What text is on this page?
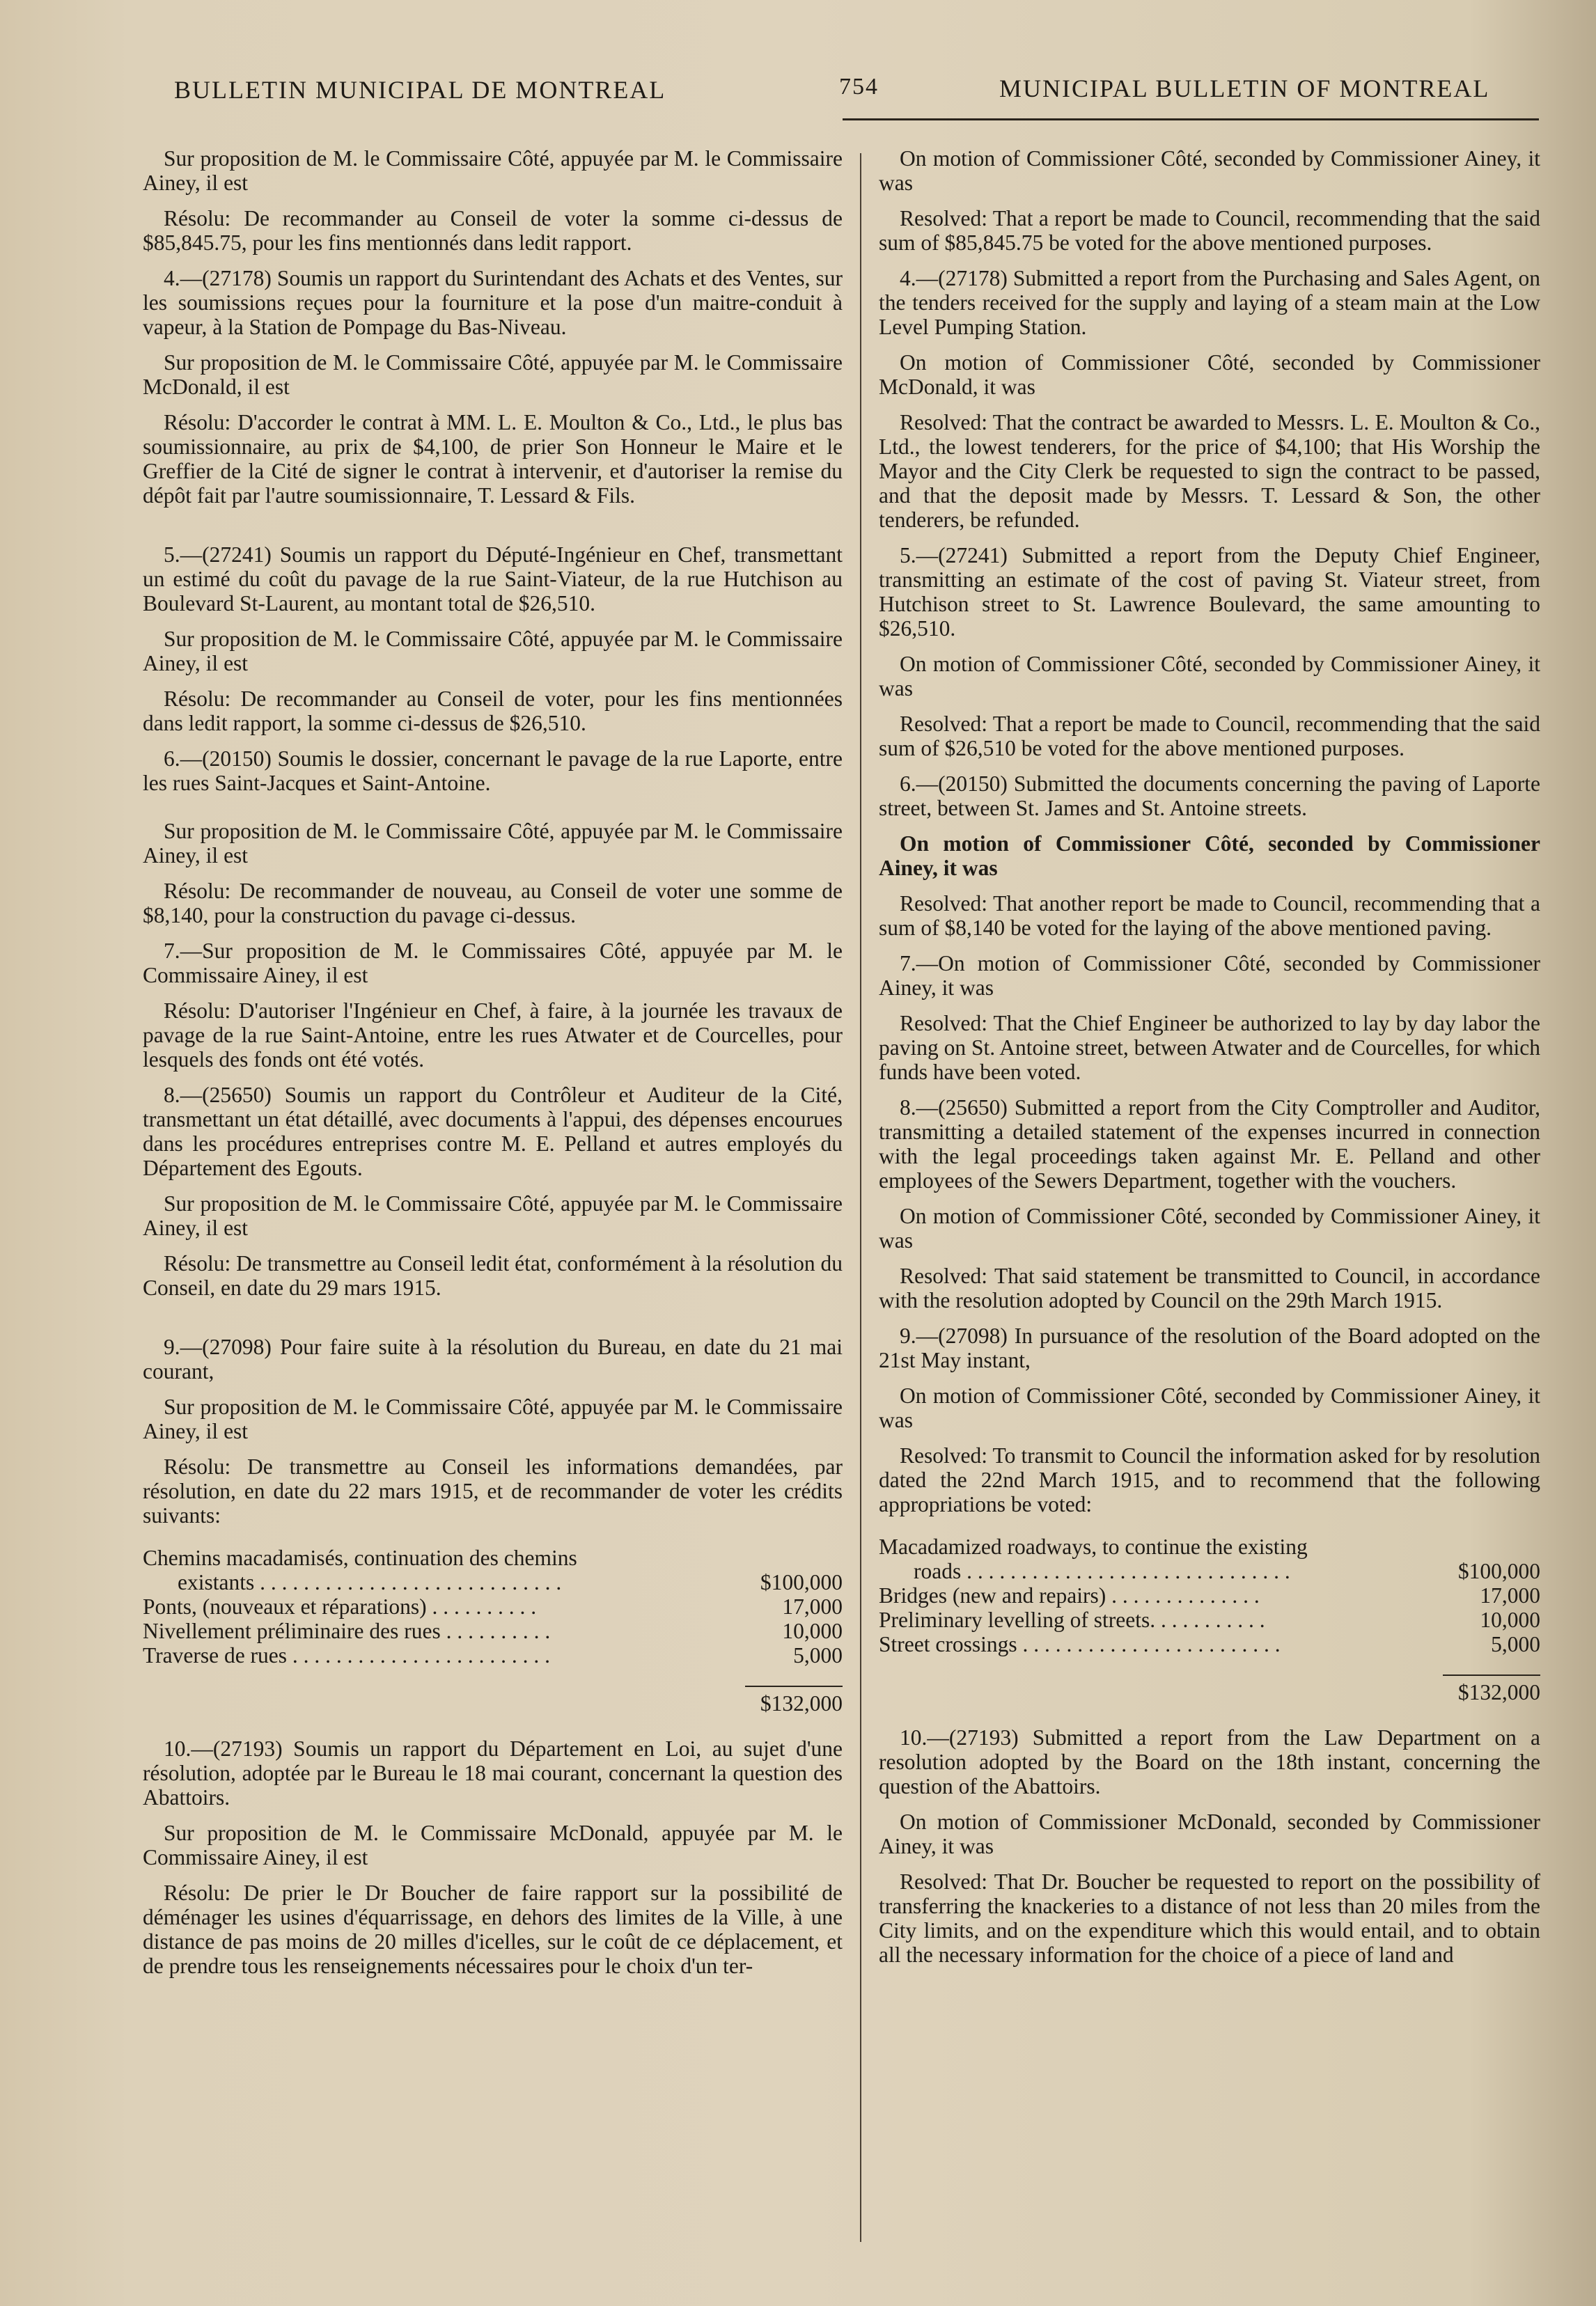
BULLETIN MUNICIPAL DE MONTREAL	754	MUNICIPAL BULLETIN OF MONTREAL

Sur proposition de M. le Commissaire Côté, appuyée par M. le Commissaire Ainey, il est

Résolu: De recommander au Conseil de voter la somme ci-dessus de $85,845.75, pour les fins mentionnés dans ledit rapport.

4.—(27178) Soumis un rapport du Surintendant des Achats et des Ventes, sur les soumissions reçues pour la fourniture et la pose d'un maitre-conduit à vapeur, à la Station de Pompage du Bas-Niveau.

Sur proposition de M. le Commissaire Côté, appuyée par M. le Commissaire McDonald, il est

Résolu: D'accorder le contrat à MM. L. E. Moulton & Co., Ltd., le plus bas soumissionnaire, au prix de $4,100, de prier Son Honneur le Maire et le Greffier de la Cité de signer le contrat à intervenir, et d'autoriser la remise du dépôt fait par l'autre soumissionnaire, T. Lessard & Fils.

5.—(27241) Soumis un rapport du Député-Ingénieur en Chef, transmettant un estimé du coût du pavage de la rue Saint-Viateur, de la rue Hutchison au Boulevard St-Laurent, au montant total de $26,510.

Sur proposition de M. le Commissaire Côté, appuyée par M. le Commissaire Ainey, il est

Résolu: De recommander au Conseil de voter, pour les fins mentionnées dans ledit rapport, la somme ci-dessus de $26,510.

6.—(20150) Soumis le dossier, concernant le pavage de la rue Laporte, entre les rues Saint-Jacques et Saint-Antoine.

Sur proposition de M. le Commissaire Côté, appuyée par M. le Commissaire Ainey, il est

Résolu: De recommander de nouveau, au Conseil de voter une somme de $8,140, pour la construction du pavage ci-dessus.

7.—Sur proposition de M. le Commissaires Côté, appuyée par M. le Commissaire Ainey, il est

Résolu: D'autoriser l'Ingénieur en Chef, à faire, à la journée les travaux de pavage de la rue Saint-Antoine, entre les rues Atwater et de Courcelles, pour lesquels des fonds ont été votés.

8.—(25650) Soumis un rapport du Contrôleur et Auditeur de la Cité, transmettant un état détaillé, avec documents à l'appui, des dépenses encourues dans les procédures entreprises contre M. E. Pelland et autres employés du Département des Egouts.

Sur proposition de M. le Commissaire Côté, appuyée par M. le Commissaire Ainey, il est

Résolu: De transmettre au Conseil ledit état, conformément à la résolution du Conseil, en date du 29 mars 1915.

9.—(27098) Pour faire suite à la résolution du Bureau, en date du 21 mai courant,

Sur proposition de M. le Commissaire Côté, appuyée par M. le Commissaire Ainey, il est

Résolu: De transmettre au Conseil les informations demandées, par résolution, en date du 22 mars 1915, et de recommander de voter les crédits suivants:

Chemins macadamisés, continuation des chemins
existants . . . . . . . . . . . . . . . . . . . . . . . . . . . .	$100,000
Ponts, (nouveaux et réparations) . . . . . . . . . .	17,000
Nivellement préliminaire des rues . . . . . . . . . .	10,000
Traverse de rues . . . . . . . . . . . . . . . . . . . . . . . .	5,000
$132,000

10.—(27193) Soumis un rapport du Département en Loi, au sujet d'une résolution, adoptée par le Bureau le 18 mai courant, concernant la question des Abattoirs.

Sur proposition de M. le Commissaire McDonald, appuyée par M. le Commissaire Ainey, il est

Résolu: De prier le Dr Boucher de faire rapport sur la possibilité de déménager les usines d'équarrissage, en dehors des limites de la Ville, à une distance de pas moins de 20 milles d'icelles, sur le coût de ce déplacement, et de prendre tous les renseignements nécessaires pour le choix d'un ter-

On motion of Commissioner Côté, seconded by Commissioner Ainey, it was

Resolved: That a report be made to Council, recommending that the said sum of $85,845.75 be voted for the above mentioned purposes.

4.—(27178) Submitted a report from the Purchasing and Sales Agent, on the tenders received for the supply and laying of a steam main at the Low Level Pumping Station.

On motion of Commissioner Côté, seconded by Commissioner McDonald, it was

Resolved: That the contract be awarded to Messrs. L. E. Moulton & Co., Ltd., the lowest tenderers, for the price of $4,100; that His Worship the Mayor and the City Clerk be requested to sign the contract to be passed, and that the deposit made by Messrs. T. Lessard & Son, the other tenderers, be refunded.

5.—(27241) Submitted a report from the Deputy Chief Engineer, transmitting an estimate of the cost of paving St. Viateur street, from Hutchison street to St. Lawrence Boulevard, the same amounting to $26,510.

On motion of Commissioner Côté, seconded by Commissioner Ainey, it was

Resolved: That a report be made to Council, recommending that the said sum of $26,510 be voted for the above mentioned purposes.

6.—(20150) Submitted the documents concerning the paving of Laporte street, between St. James and St. Antoine streets.

On motion of Commissioner Côté, seconded by Commissioner Ainey, it was

Resolved: That another report be made to Council, recommending that a sum of $8,140 be voted for the laying of the above mentioned paving.

7.—On motion of Commissioner Côté, seconded by Commissioner Ainey, it was

Resolved: That the Chief Engineer be authorized to lay by day labor the paving on St. Antoine street, between Atwater and de Courcelles, for which funds have been voted.

8.—(25650) Submitted a report from the City Comptroller and Auditor, transmitting a detailed statement of the expenses incurred in connection with the legal proceedings taken against Mr. E. Pelland and other employees of the Sewers Department, together with the vouchers.

On motion of Commissioner Côté, seconded by Commissioner Ainey, it was

Resolved: That said statement be transmitted to Council, in accordance with the resolution adopted by Council on the 29th March 1915.

9.—(27098) In pursuance of the resolution of the Board adopted on the 21st May instant,

On motion of Commissioner Côté, seconded by Commissioner Ainey, it was

Resolved: To transmit to Council the information asked for by resolution dated the 22nd March 1915, and to recommend that the following appropriations be voted:

Macadamized roadways, to continue the existing
roads . . . . . . . . . . . . . . . . . . . . . . . . . . . . . .	$100,000
Bridges (new and repairs) . . . . . . . . . . . . . .	17,000
Preliminary levelling of streets. . . . . . . . . . .	10,000
Street crossings . . . . . . . . . . . . . . . . . . . . . . . .	5,000
$132,000

10.—(27193) Submitted a report from the Law Department on a resolution adopted by the Board on the 18th instant, concerning the question of the Abattoirs.

On motion of Commissioner McDonald, seconded by Commissioner Ainey, it was

Resolved: That Dr. Boucher be requested to report on the possibility of transferring the knackeries to a distance of not less than 20 miles from the City limits, and on the expenditure which this would entail, and to obtain all the necessary information for the choice of a piece of land and
